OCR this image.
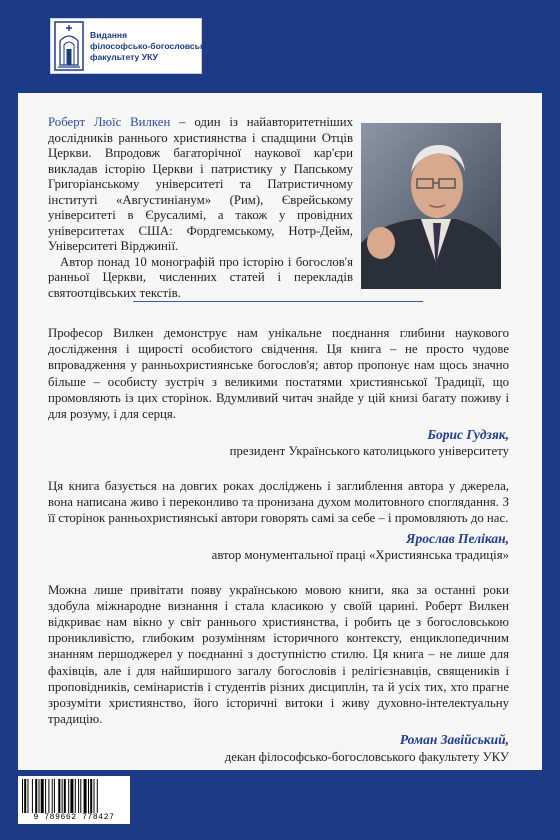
Видання
філософсько-богословського
факультету УКУ

Роберт Люїс Вилкен – один із найавторитетніших дослідників раннього християнства і спадщини Отців Церкви. Впродовж багаторічної наукової кар'єри викладав історію Церкви і патристику у Папському Григоріанському університеті та Патристичному інституті «Августиніанум» (Рим), Єврейському університеті в Єрусалимі, а також у провідних університетах США: Фордгемському, Нотр-Дейм, Університеті Вірджинії.

Автор понад 10 монографій про історію і богослов'я ранньої Церкви, численних статей і перекладів святоотцівських текстів.

Професор Вилкен демонструє нам унікальне поєднання глибини наукового дослідження і щирості особистого свідчення. Ця книга – не просто чудове впровадження у ранньохристиянське богослов'я; автор пропонує нам щось значно більше – особисту зустріч з великими постатями християнської Традиції, що промовляють із цих сторінок. Вдумливий читач знайде у цій книзі багату поживу і для розуму, і для серця.

Борис Гудзяк,

президент Українського католицького університету

Ця книга базується на довгих роках досліджень і заглиблення автора у джерела, вона написана живо і переконливо та пронизана духом молитовного споглядання. З її сторінок ранньохристиянські автори говорять самі за себе – і промовляють до нас.

Ярослав Пелікан,

автор монументальної праці «Християнська традиція»

Можна лише привітати появу українською мовою книги, яка за останні роки здобула міжнародне визнання і стала класикою у своїй царині. Роберт Вилкен відкриває нам вікно у світ раннього християнства, і робить це з богословською проникливістю, глибоким розумінням історичного контексту, енциклопедичним знанням першоджерел у поєднанні з доступністю стилю. Ця книга – не лише для фахівців, але і для найширшого загалу богословів і релігієзнавців, священиків і проповідників, семінаристів і студентів різних дисциплін, та й усіх тих, хто прагне зрозуміти християнство, його історичні витоки і живу духовно-інтелектуальну традицію.

Роман Завійський,

декан філософсько-богословського факультету УКУ

9 789662 778427
